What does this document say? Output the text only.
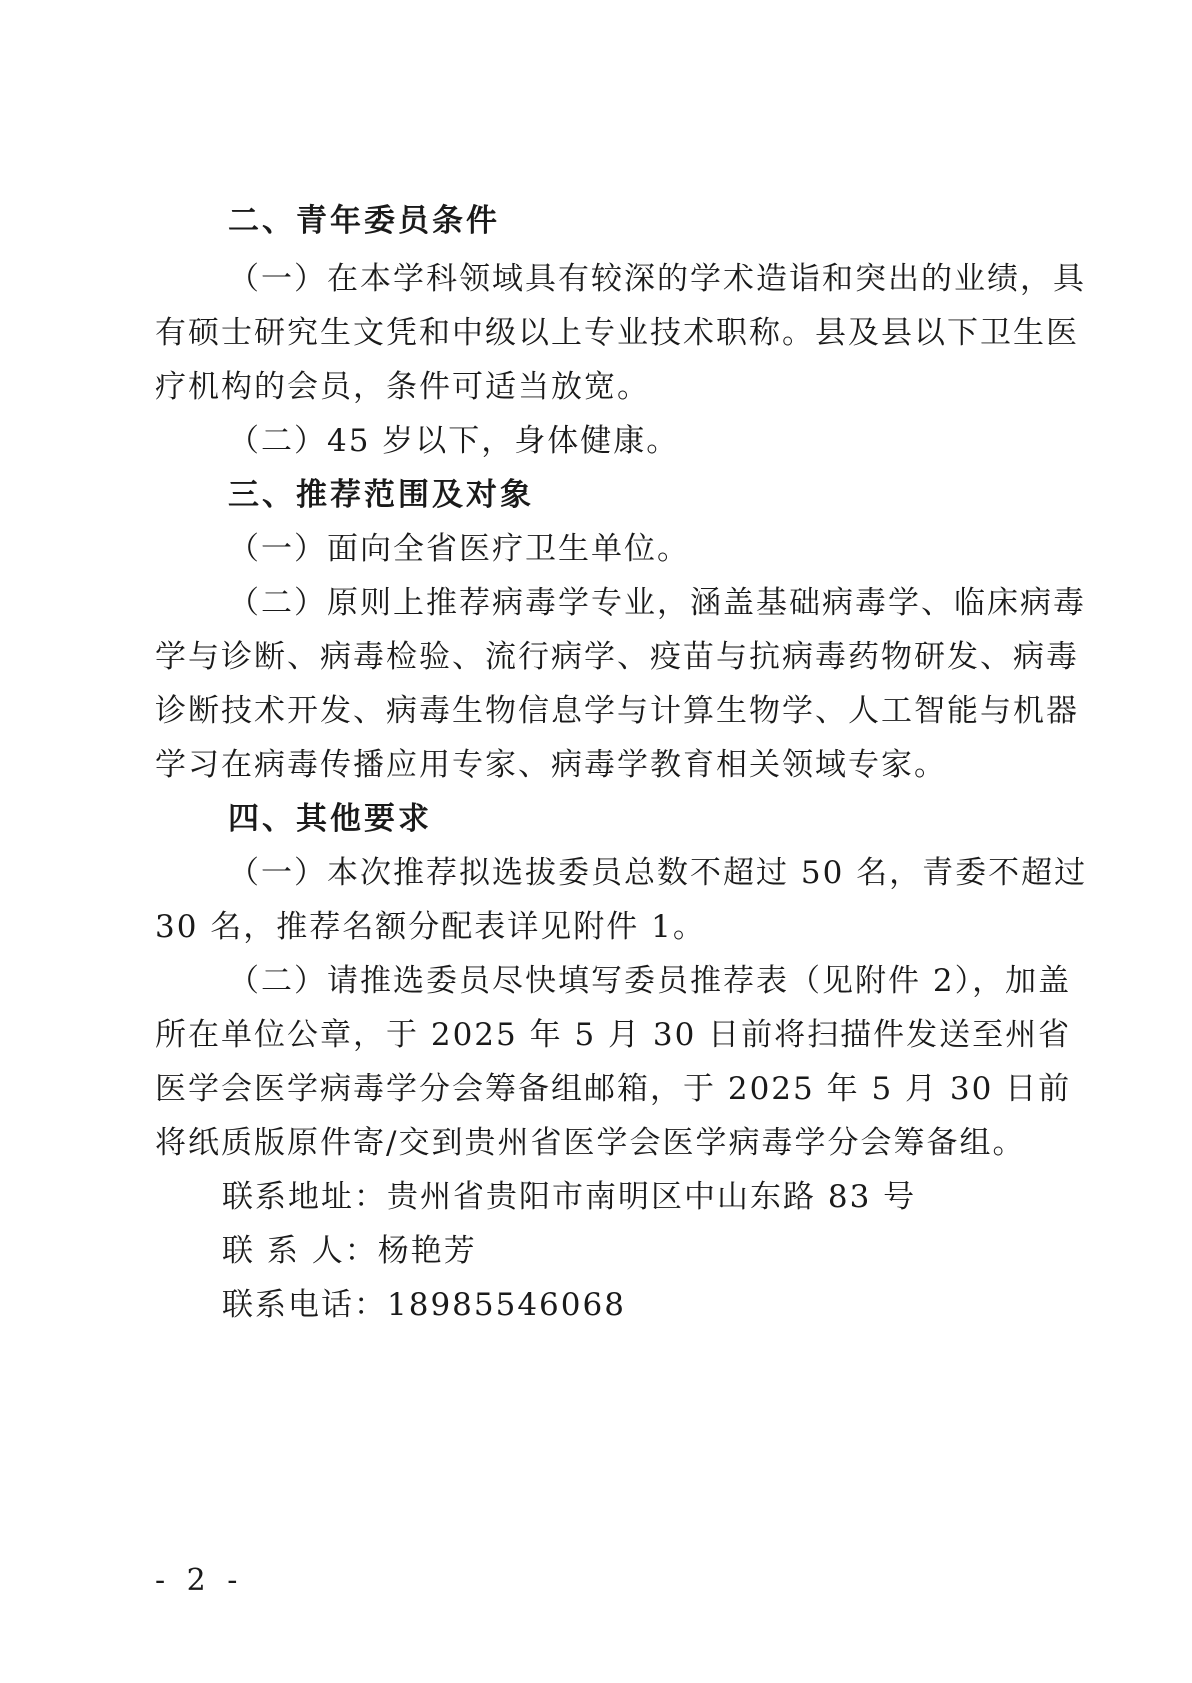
二、青年委员条件
（一）在本学科领域具有较深的学术造诣和突出的业绩，具
有硕士研究生文凭和中级以上专业技术职称。县及县以下卫生医
疗机构的会员，条件可适当放宽。
（二）45 岁以下，身体健康。
三、推荐范围及对象
（一）面向全省医疗卫生单位。
（二）原则上推荐病毒学专业，涵盖基础病毒学、临床病毒
学与诊断、病毒检验、流行病学、疫苗与抗病毒药物研发、病毒
诊断技术开发、病毒生物信息学与计算生物学、人工智能与机器
学习在病毒传播应用专家、病毒学教育相关领域专家。
四、其他要求
（一）本次推荐拟选拔委员总数不超过 50 名，青委不超过
30 名，推荐名额分配表详见附件 1。
（二）请推选委员尽快填写委员推荐表（见附件 2），加盖
所在单位公章，于 2025 年 5 月 30 日前将扫描件发送至州省
医学会医学病毒学分会筹备组邮箱，于 2025 年 5 月 30 日前
将纸质版原件寄/交到贵州省医学会医学病毒学分会筹备组。
联系地址：贵州省贵阳市南明区中山东路 83 号
联 系 人：杨艳芳
联系电话：18985546068
- 2 -
